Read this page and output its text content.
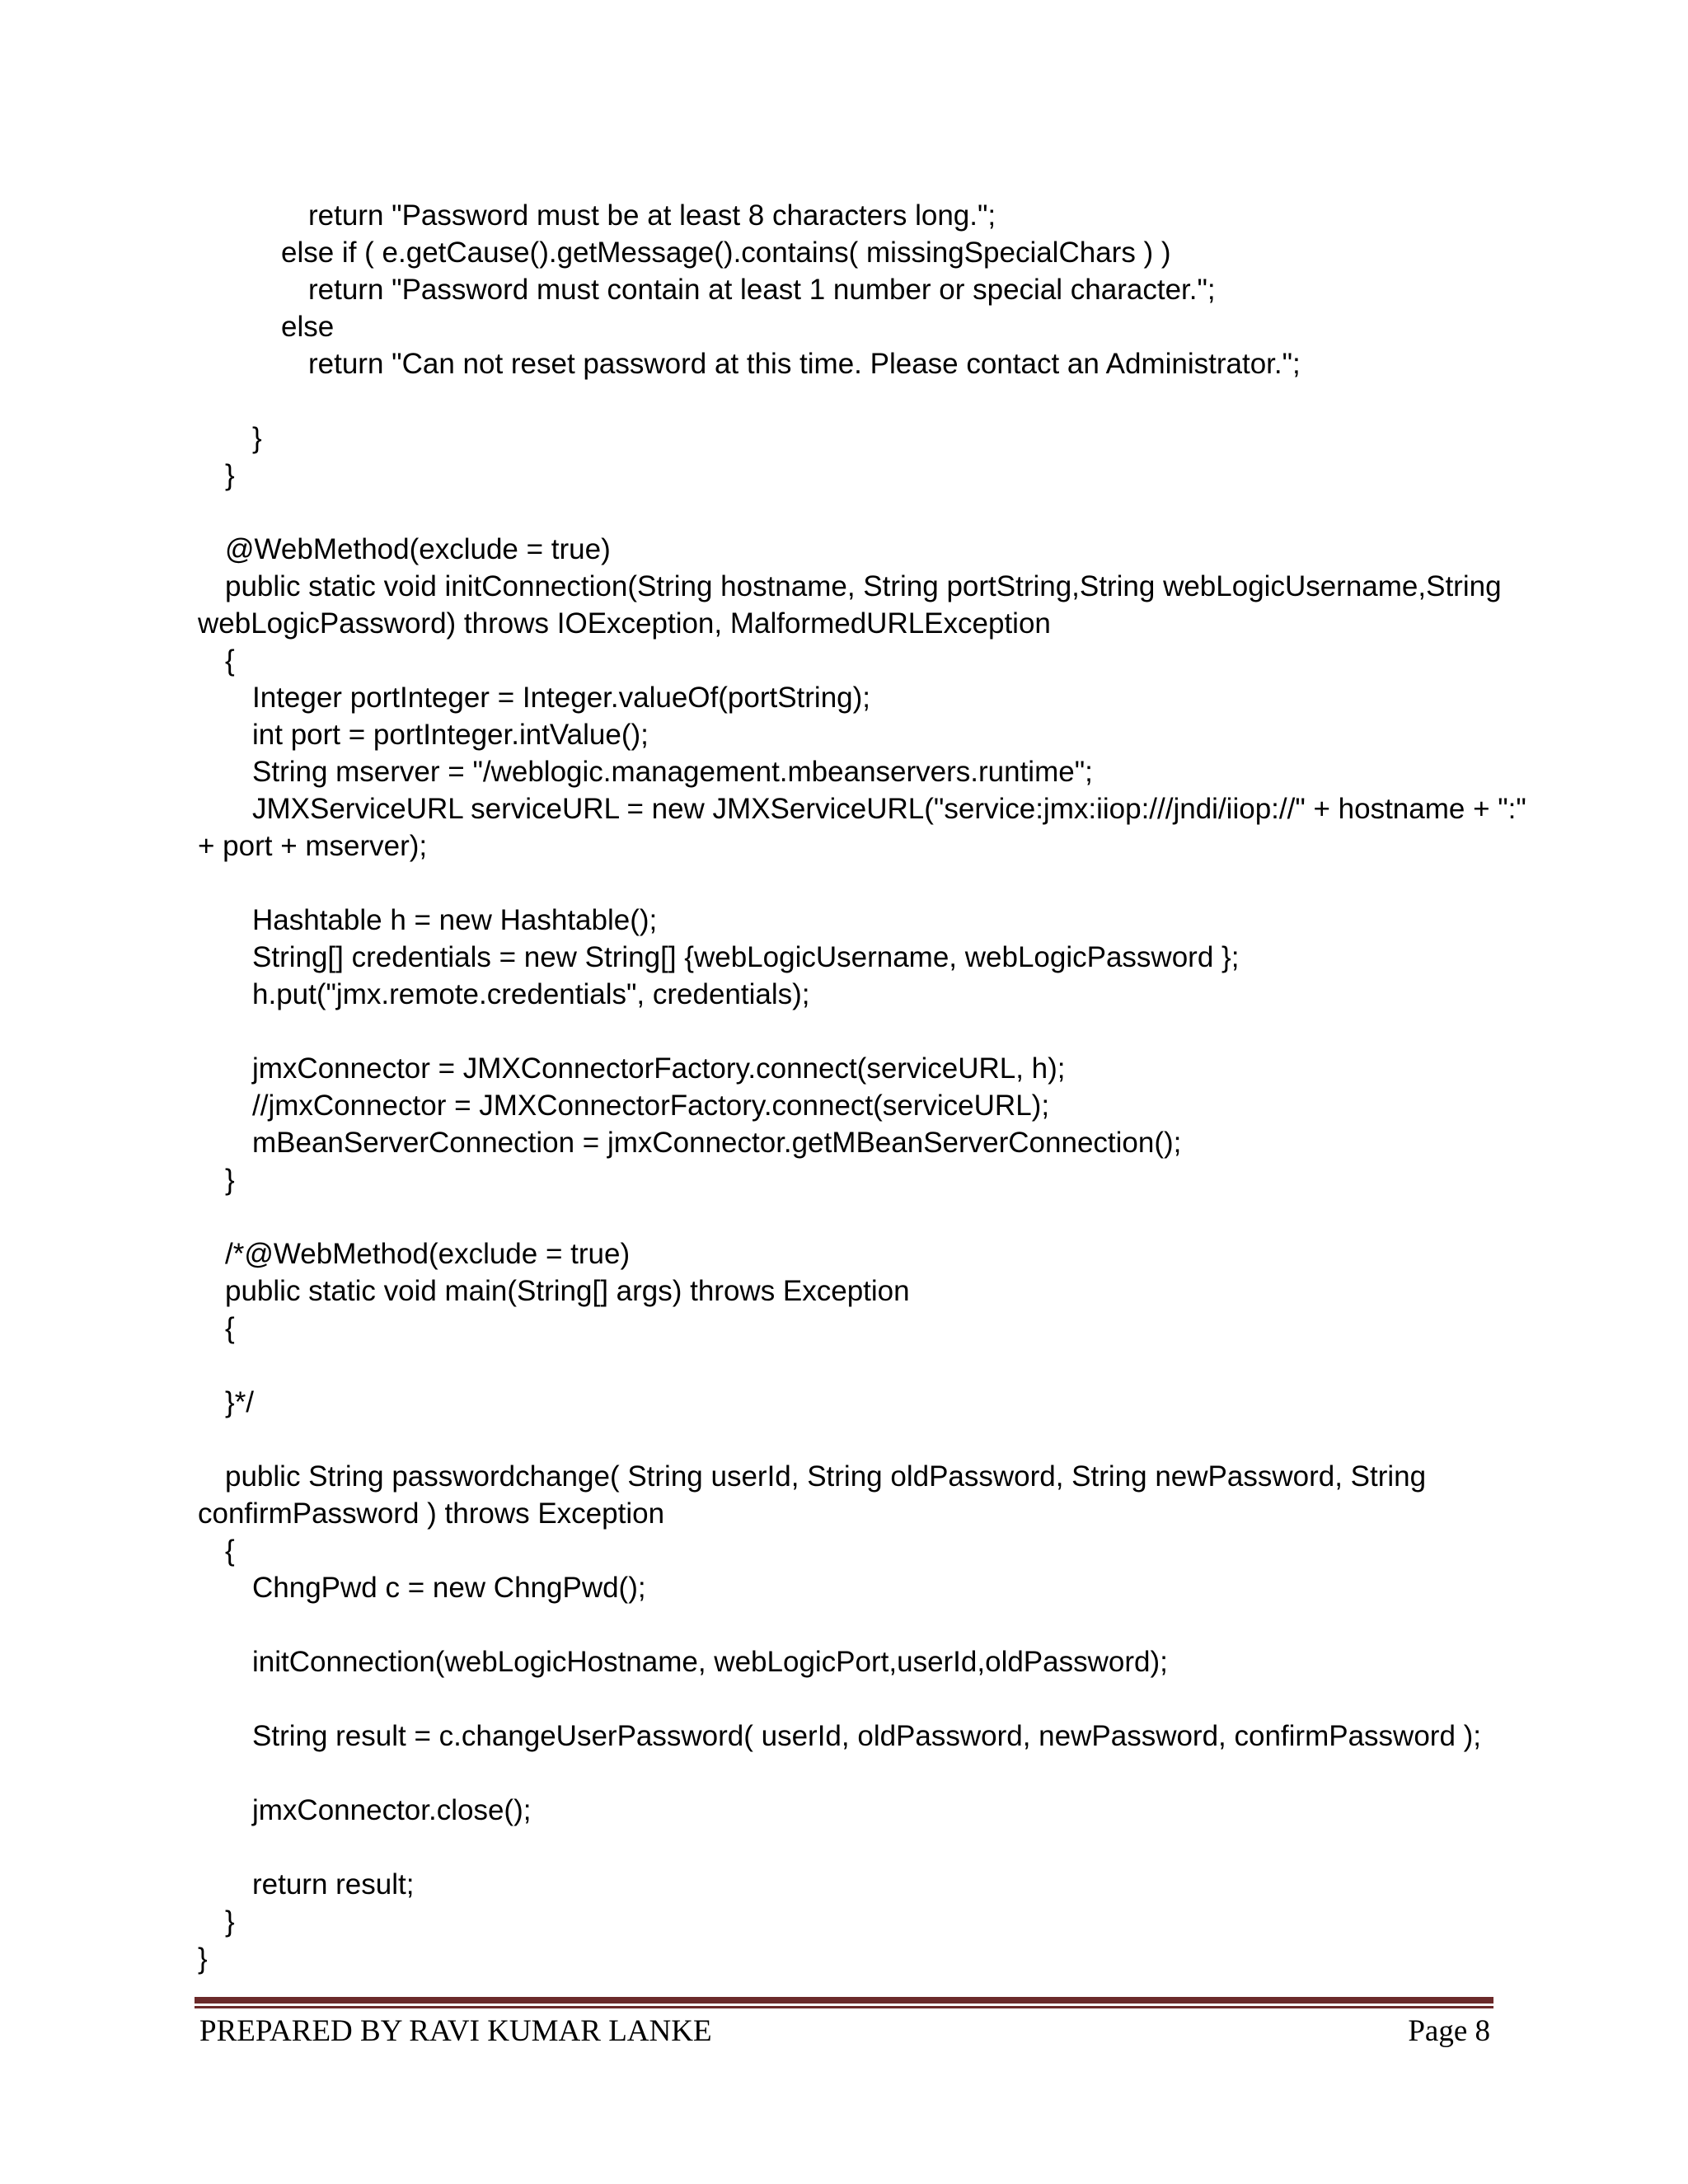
return "Password must be at least 8 characters long.";
else if ( e.getCause().getMessage().contains( missingSpecialChars ) )
return "Password must contain at least 1 number or special character.";
else
return "Can not reset password at this time. Please contact an Administrator.";
}
}
@WebMethod(exclude = true)
public static void initConnection(String hostname, String portString,String webLogicUsername,String
webLogicPassword) throws IOException, MalformedURLException
{
Integer portInteger = Integer.valueOf(portString);
int port = portInteger.intValue();
String mserver = "/weblogic.management.mbeanservers.runtime";
JMXServiceURL serviceURL = new JMXServiceURL("service:jmx:iiop:///jndi/iiop://" + hostname + ":"
+ port + mserver);
Hashtable h = new Hashtable();
String[] credentials = new String[] {webLogicUsername, webLogicPassword };
h.put("jmx.remote.credentials", credentials);
jmxConnector = JMXConnectorFactory.connect(serviceURL, h);
//jmxConnector = JMXConnectorFactory.connect(serviceURL);
mBeanServerConnection = jmxConnector.getMBeanServerConnection();
}
/*@WebMethod(exclude = true)
public static void main(String[] args) throws Exception
{
}*/
public String passwordchange( String userId, String oldPassword, String newPassword, String
confirmPassword ) throws Exception
{
ChngPwd c = new ChngPwd();
initConnection(webLogicHostname, webLogicPort,userId,oldPassword);
String result = c.changeUserPassword( userId, oldPassword, newPassword, confirmPassword );
jmxConnector.close();
return result;
}
}
PREPARED BY RAVI KUMAR LANKE	Page 8
